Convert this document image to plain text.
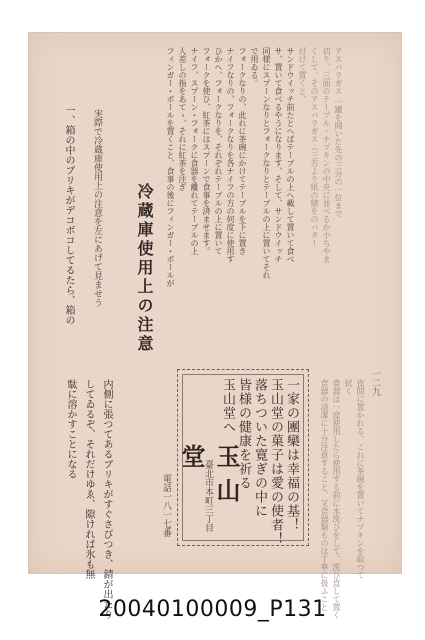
アスパラガス 一罐を開いた先の三分の一位まで
切り、三面のテーブル・ナプキンの中央に並べるか小ちやま
くして、そのアスパラガス（三方より紙の緒をのバター
付けて置くと、
サンドウイッチ前たとへばテーブルの上へ載して置いて食べ
サ、置いて食べるやうになります、そして、サンドウイッチ
同様にスプーンなりとフォークなりとテーブルの上に置いてそれ
で用ゐる。
フォークなりの、此れに茶碗にかけてテーブルを下に置き
ナイフなりの、フォークなりを各ナイフの方の何度に使用す
ひかへ、フォークなりを、それぞれテーブルの上に置いて
フォークを使ひ、紅茶にはスプーンで食事を済ませます。
ナイフ、スプーン・フォークに食器を離れてテーブルの上
人差しの指をあてゝ、それに紅茶を注ぎ
フィンガー・ボールを置くこと、食事の後にフィンガー・ボールが
冷蔵庫使用上の注意
実際で冷蔵庫使用上の注意を左にあげて見ませう
一、箱の中のブリキがデコボコしてるたら、箱の
一二九
夜間に置かれる、これに茶碗を置いてナプキンを取つて
拭く
食器は一度使用したら使用する前に水洗ひをして、洗ひ直して置く
食器の清潔に十分注意すること、又食器類ものは丁寧に扱ふこと
内側に張つてあるブリキがすぐさびつき、錆が出たり
してゐるぞ、それだけゆゑ、隙ければ氷も無
駄に溶かすことになる	一家の團欒は幸福の基！
玉山堂の菓子は愛の使者！
落ちついた寛ぎの中に
皆様の健康を祈る
玉山堂へ
臺北市本町三丁目 玉山堂
電話一八一七番
20040100009_P131
